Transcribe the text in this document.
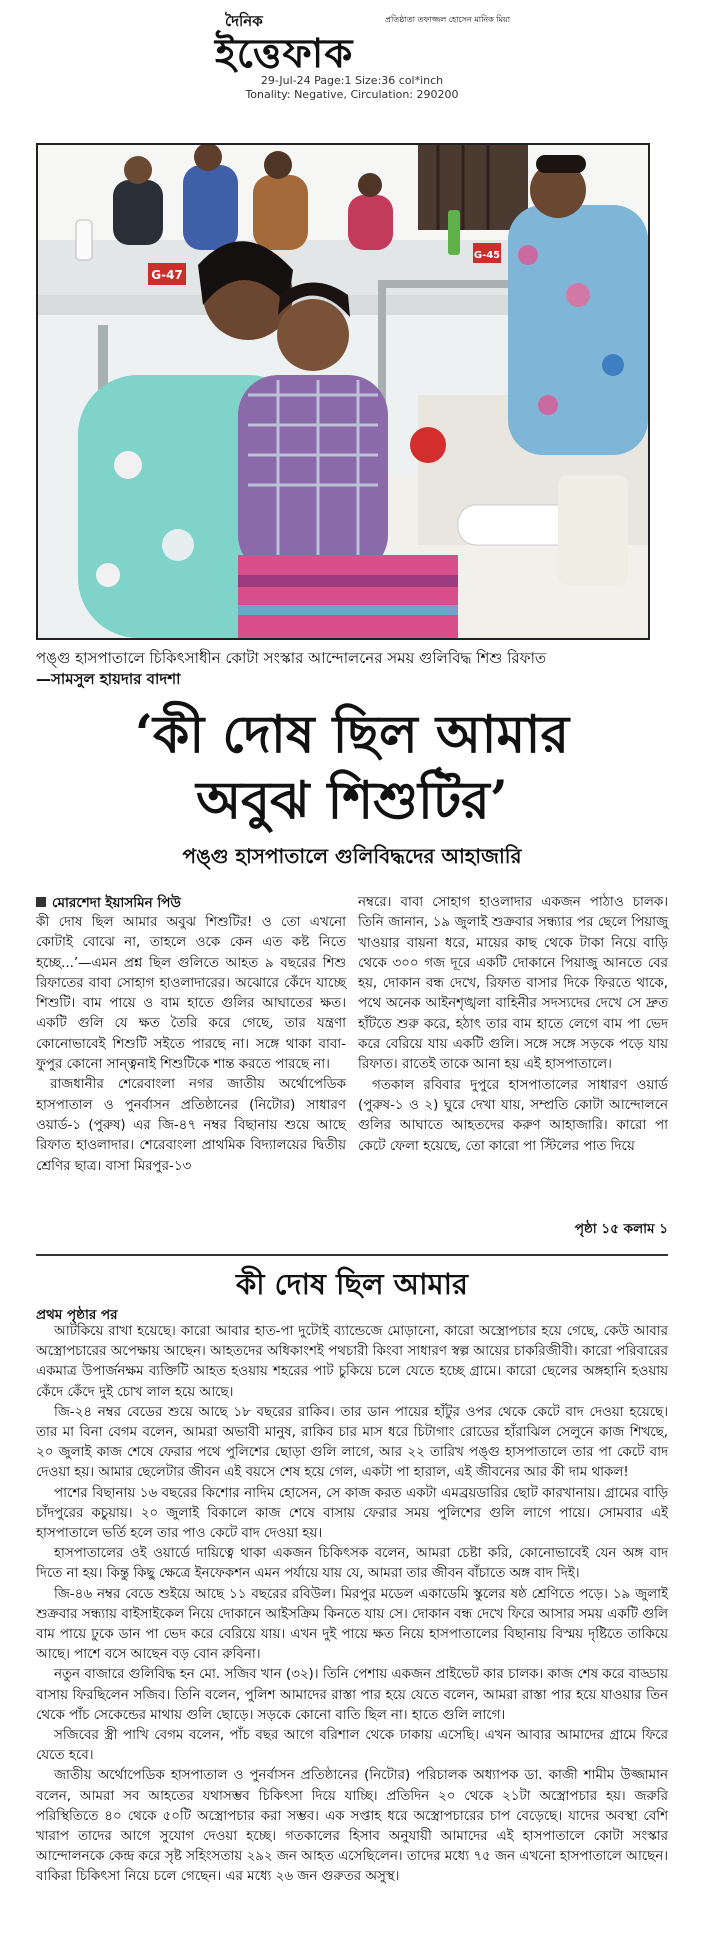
দৈনিক	প্রতিষ্ঠাতা তফাজ্জল হোসেন মানিক মিয়া
ইত্তেফাক
29-Jul-24 Page:1 Size:36 col*inch
Tonality: Negative, Circulation: 290200
G-47
G-45
পঙ্গু হাসপাতালে চিকিৎসাধীন কোটা সংস্কার আন্দোলনের সময় গুলিবিদ্ধ শিশু রিফাত
—সামসুল হায়দার বাদশা
‘কী দোষ ছিল আমার
অবুঝ শিশুটির’
পঙ্গু হাসপাতালে গুলিবিদ্ধদের আহাজারি
মোরশেদা ইয়াসমিন পিউ

কী দোষ ছিল আমার অবুঝ শিশুটির! ও তো এখনো কোটাই বোঝে না, তাহলে ওকে কেন এত কষ্ট নিতে হচ্ছে...’—এমন প্রশ্ন ছিল গুলিতে আহত ৯ বছরের শিশু রিফাতের বাবা সোহাগ হাওলাদারের। অঝোরে কেঁদে যাচ্ছে শিশুটি। বাম পায়ে ও বাম হাতে গুলির আঘাতের ক্ষত। একটি গুলি যে ক্ষত তৈরি করে গেছে, তার যন্ত্রণা কোনোভাবেই শিশুটি সইতে পারছে না। সঙ্গে থাকা বাবা-ফুপুর কোনো সান্ত্বনাই শিশুটিকে শান্ত করতে পারছে না।

রাজধানীর শেরেবাংলা নগর জাতীয় অর্থোপেডিক হাসপাতাল ও পুনর্বাসন প্রতিষ্ঠানের (নিটোর) সাধারণ ওয়ার্ড-১ (পুরুষ) এর জি-৪৭ নম্বর বিছানায় শুয়ে আছে রিফাত হাওলাদার। শেরেবাংলা প্রাথমিক বিদ্যালয়ের দ্বিতীয় শ্রেণির ছাত্র। বাসা মিরপুর-১৩

নম্বরে। বাবা সোহাগ হাওলাদার একজন পাঠাও চালক। তিনি জানান, ১৯ জুলাই শুক্রবার সন্ধ্যার পর ছেলে পিয়াজু খাওয়ার বায়না ধরে, মায়ের কাছ থেকে টাকা নিয়ে বাড়ি থেকে ৩০০ গজ দূরে একটি দোকানে পিয়াজু আনতে বের হয়, দোকান বন্ধ দেখে, রিফাত বাসার দিকে ফিরতে থাকে, পথে অনেক আইনশৃঙ্খলা বাহিনীর সদস্যদের দেখে সে দ্রুত হাঁটতে শুরু করে, হঠাৎ তার বাম হাতে লেগে বাম পা ভেদ করে বেরিয়ে যায় একটি গুলি। সঙ্গে সঙ্গে সড়কে পড়ে যায় রিফাত। রাতেই তাকে আনা হয় এই হাসপাতালে।

গতকাল রবিবার দুপুরে হাসপাতালের সাধারণ ওয়ার্ড (পুরুষ-১ ও ২) ঘুরে দেখা যায়, সম্প্রতি কোটা আন্দোলনে গুলির আঘাতে আহতদের করুণ আহাজারি। কারো পা কেটে ফেলা হয়েছে, তো কারো পা স্টিলের পাত দিয়ে

পৃষ্ঠা ১৫ কলাম ১
কী দোষ ছিল আমার
প্রথম পৃষ্ঠার পর

আটকিয়ে রাখা হয়েছে। কারো আবার হাত-পা দুটোই ব্যান্ডেজে মোড়ানো, কারো অস্ত্রোপচার হয়ে গেছে, কেউ আবার অস্ত্রোপচারের অপেক্ষায় আছেন। আহতদের অধিকাংশই পথচারী কিংবা সাধারণ স্বল্প আয়ের চাকরিজীবী। কারো পরিবারের একমাত্র উপার্জনক্ষম ব্যক্তিটি আহত হওয়ায় শহরের পাট চুকিয়ে চলে যেতে হচ্ছে গ্রামে। কারো ছেলের অঙ্গহানি হওয়ায় কেঁদে কেঁদে দুই চোখ লাল হয়ে আছে।

জি-২৪ নম্বর বেডের শুয়ে আছে ১৮ বছরের রাকিব। তার ডান পায়ের হাঁটুর ওপর থেকে কেটে বাদ দেওয়া হয়েছে। তার মা বিনা বেগম বলেন, আমরা অভাবী মানুষ, রাকিব চার মাস ধরে চিটাগাং রোডের হাঁরাঝিল সেলুনে কাজ শিখছে, ২০ জুলাই কাজ শেষে ফেরার পথে পুলিশের ছোড়া গুলি লাগে, আর ২২ তারিখ পঙ্গু হাসপাতালে তার পা কেটে বাদ দেওয়া হয়। আমার ছেলেটার জীবন এই বয়সে শেষ হয়ে গেল, একটা পা হারাল, এই জীবনের আর কী দাম থাকল!

পাশের বিছানায় ১৬ বছরের কিশোর নাদিম হোসেন, সে কাজ করত একটা এমব্রয়ডারির ছোট কারখানায়। গ্রামের বাড়ি চাঁদপুরের কচুয়ায়। ২০ জুলাই বিকালে কাজ শেষে বাসায় ফেরার সময় পুলিশের গুলি লাগে পায়ে। সোমবার এই হাসপাতালে ভর্তি হলে তার পাও কেটে বাদ দেওয়া হয়।

হাসপাতালের ওই ওয়ার্ডে দায়িত্বে থাকা একজন চিকিৎসক বলেন, আমরা চেষ্টা করি, কোনোভাবেই যেন অঙ্গ বাদ দিতে না হয়। কিন্তু কিছু ক্ষেত্রে ইনফেকশন এমন পর্যায়ে যায় যে, আমরা তার জীবন বাঁচাতে অঙ্গ বাদ দিই।

জি-৪৬ নম্বর বেডে শুইয়ে আছে ১১ বছরের রবিউল। মিরপুর মডেল একাডেমি স্কুলের ষষ্ঠ শ্রেণিতে পড়ে। ১৯ জুলাই শুক্রবার সন্ধ্যায় বাইসাইকেল নিয়ে দোকানে আইসক্রিম কিনতে যায় সে। দোকান বন্ধ দেখে ফিরে আসার সময় একটি গুলি বাম পায়ে ঢুকে ডান পা ভেদ করে বেরিয়ে যায়। এখন দুই পায়ে ক্ষত নিয়ে হাসপাতালের বিছানায় বিস্ময় দৃষ্টিতে তাকিয়ে আছে। পাশে বসে আছেন বড় বোন রুবিনা।

নতুন বাজারে গুলিবিদ্ধ হন মো. সজিব খান (৩২)। তিনি পেশায় একজন প্রাইভেট কার চালক। কাজ শেষ করে বাড্ডায় বাসায় ফিরছিলেন সজিব। তিনি বলেন, পুলিশ আমাদের রাস্তা পার হয়ে যেতে বলেন, আমরা রাস্তা পার হয়ে যাওয়ার তিন থেকে পাঁচ সেকেন্ডের মাথায় গুলি ছোড়ে। সড়কে কোনো বাতি ছিল না। হাতে গুলি লাগে।

সজিবের স্ত্রী পাখি বেগম বলেন, পাঁচ বছর আগে বরিশাল থেকে ঢাকায় এসেছি। এখন আবার আমাদের গ্রামে ফিরে যেতে হবে।

জাতীয় অর্থোপেডিক হাসপাতাল ও পুনর্বাসন প্রতিষ্ঠানের (নিটোর) পরিচালক অধ্যাপক ডা. কাজী শামীম উজ্জামান বলেন, আমরা সব আহতের যথাসম্ভব চিকিৎসা দিয়ে যাচ্ছি। প্রতিদিন ২০ থেকে ২১টা অস্ত্রোপচার হয়। জরুরি পরিস্থিতিতে ৪০ থেকে ৫০টি অস্ত্রোপচার করা সম্ভব। এক সপ্তাহ ধরে অস্ত্রোপচারের চাপ বেড়েছে। যাদের অবস্থা বেশি খারাপ তাদের আগে সুযোগ দেওয়া হচ্ছে। গতকালের হিসাব অনুযায়ী আমাদের এই হাসপাতালে কোটা সংস্কার আন্দোলনকে কেন্দ্র করে সৃষ্ট সহিংসতায় ২৯২ জন আহত এসেছিলেন। তাদের মধ্যে ৭৫ জন এখনো হাসপাতালে আছেন। বাকিরা চিকিৎসা নিয়ে চলে গেছেন। এর মধ্যে ২৬ জন গুরুতর অসুস্থ।
